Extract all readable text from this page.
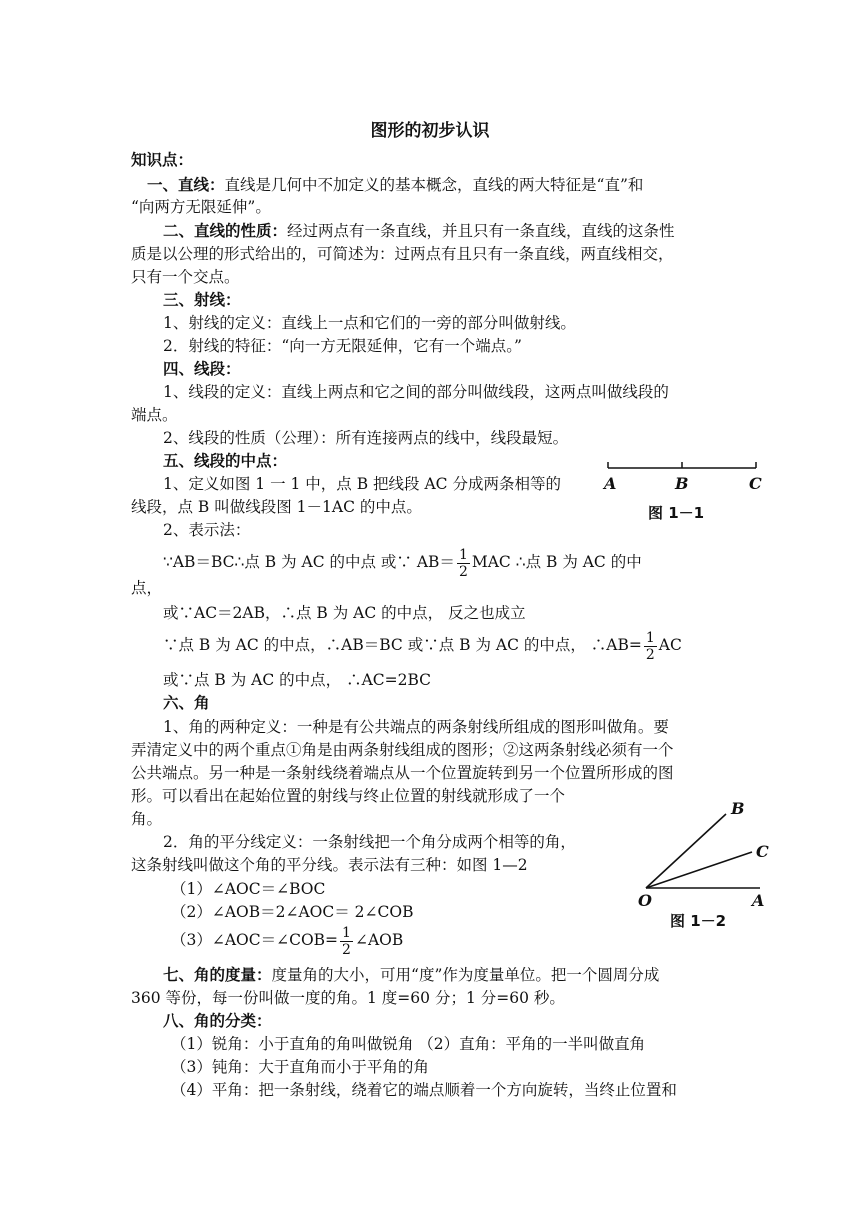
图形的初步认识
知识点：
一、直线：直线是几何中不加定义的基本概念，直线的两大特征是“直”和
“向两方无限延伸”。
二、直线的性质：经过两点有一条直线，并且只有一条直线，直线的这条性
质是以公理的形式给出的，可简述为：过两点有且只有一条直线，两直线相交，
只有一个交点。
三、射线：
1、射线的定义：直线上一点和它们的一旁的部分叫做射线。
2．射线的特征：“向一方无限延伸，它有一个端点。”
四、线段：
1、线段的定义：直线上两点和它之间的部分叫做线段，这两点叫做线段的
端点。
2、线段的性质（公理）：所有连接两点的线中，线段最短。
五、线段的中点：
1、定义如图 1 一 1 中，点 B 把线段 AC 分成两条相等的
线段，点 B 叫做线段图 1－1AC 的中点。
2、表示法：
∵AB＝BC∴点 B 为 AC 的中点 或∵ $AB= \frac{1}{2}$ MAC ∴点 B 为 AC 的中
点，
或∵AC＝2AB，∴点 B 为 AC 的中点， 反之也成立
∵点 B 为 AC 的中点，∴AB＝BC 或∵点 B 为 AC 的中点， ∴AB= $\frac{1}{2}$ AC
或∵点 B 为 AC 的中点， ∴AC=2BC
六、角
1、角的两种定义：一种是有公共端点的两条射线所组成的图形叫做角。要
弄清定义中的两个重点①角是由两条射线组成的图形；②这两条射线必须有一个
公共端点。另一种是一条射线绕着端点从一个位置旋转到另一个位置所形成的图
形。可以看出在起始位置的射线与终止位置的射线就形成了一个
角。
2．角的平分线定义：一条射线把一个角分成两个相等的角，
这条射线叫做这个角的平分线。表示法有三种：如图 1—2
（1）∠AOC＝∠BOC
（2）∠AOB＝2∠AOC＝ 2∠COB
（3）∠AOC＝∠COB= $\frac{1}{2}$ ∠AOB
七、角的度量：度量角的大小，可用“度”作为度量单位。把一个圆周分成
360 等份，每一份叫做一度的角。1 度=60 分；1 分=60 秒。
八、角的分类：
（1）锐角：小于直角的角叫做锐角 （2）直角：平角的一半叫做直角
（3）钝角：大于直角而小于平角的角
（4）平角：把一条射线，绕着它的端点顺着一个方向旋转，当终止位置和
A	B	C
图 1－1
B
C
O	A
图 1－2
